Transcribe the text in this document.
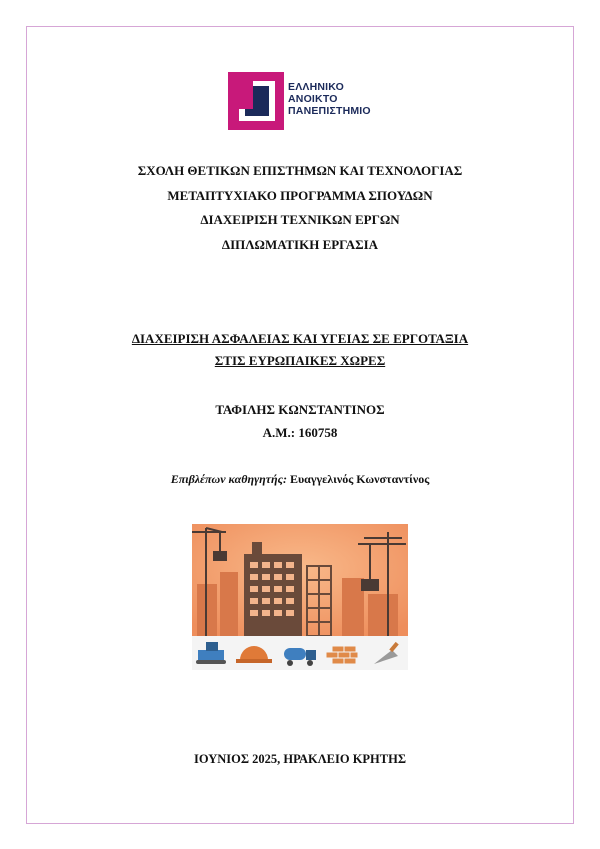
ΕΛΛΗΝΙΚΟ
ΑΝΟΙΚΤΟ
ΠΑΝΕΠΙΣΤΗΜΙΟ
ΣΧΟΛΗ ΘΕΤΙΚΩΝ ΕΠΙΣΤΗΜΩΝ ΚΑΙ ΤΕΧΝΟΛΟΓΙΑΣ
ΜΕΤΑΠΤΥΧΙΑΚΟ ΠΡΟΓΡΑΜΜΑ ΣΠΟΥΔΩΝ
ΔΙΑΧΕΙΡΙΣΗ ΤΕΧΝΙΚΩΝ ΕΡΓΩΝ
ΔΙΠΛΩΜΑΤΙΚΗ ΕΡΓΑΣΙΑ
ΔΙΑΧΕΙΡΙΣΗ ΑΣΦΑΛΕΙΑΣ ΚΑΙ ΥΓΕΙΑΣ ΣΕ ΕΡΓΟΤΑΞΙΑ
ΣΤΙΣ ΕΥΡΩΠΑΙΚΕΣ ΧΩΡΕΣ
ΤΑΦΙΛΗΣ ΚΩΝΣΤΑΝΤΙΝΟΣ
Α.Μ.: 160758
Επιβλέπων καθηγητής: Ευαγγελινός Κωνσταντίνος
ΙΟΥΝΙΟΣ 2025, ΗΡΑΚΛΕΙΟ ΚΡΗΤΗΣ
